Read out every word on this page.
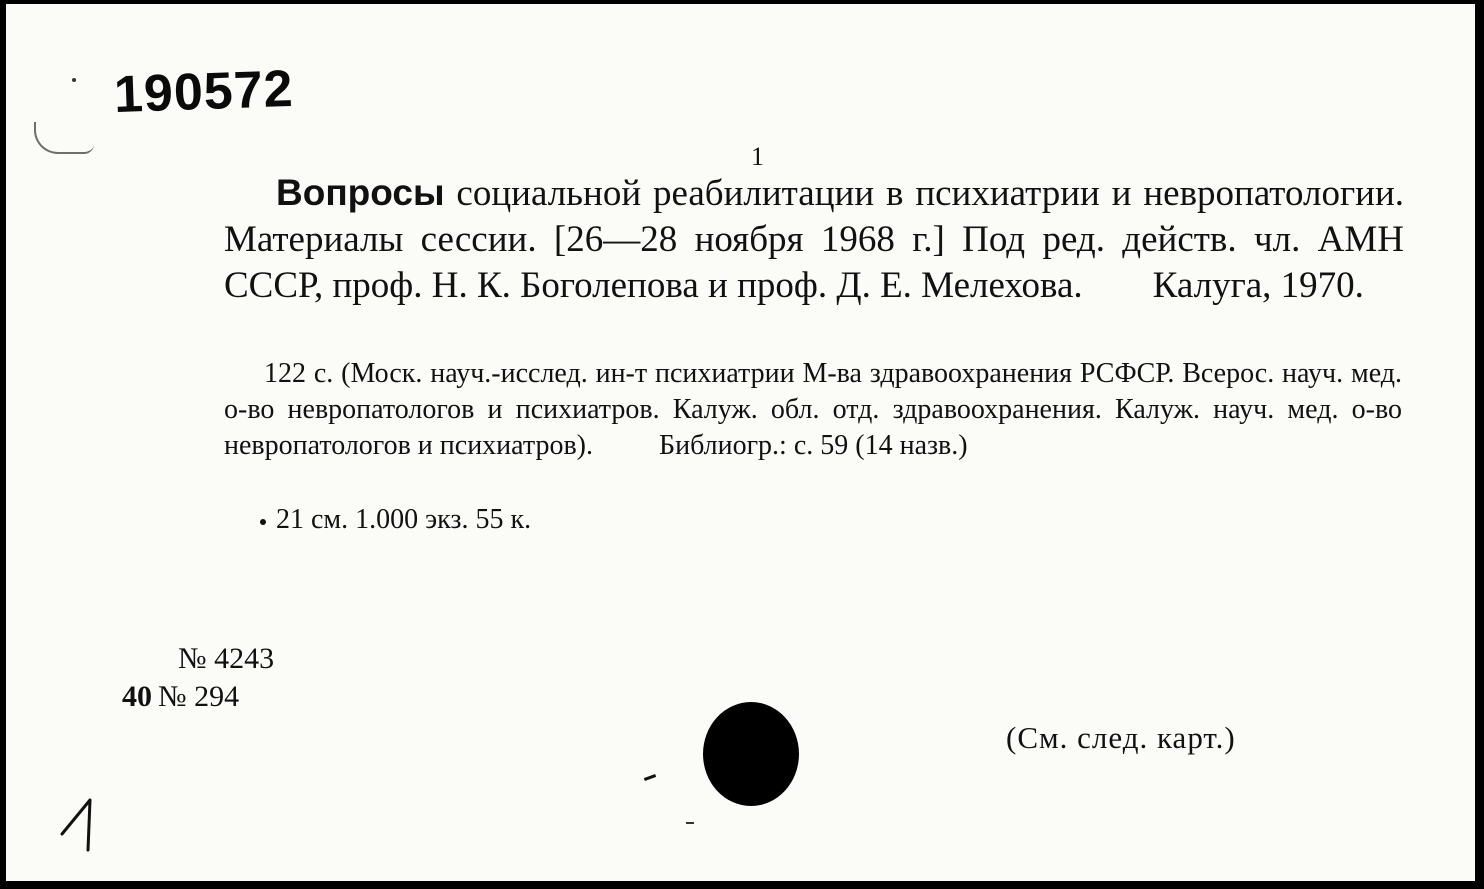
190572
1

Вопросы социальной реабилитации в психиатрии и невропатологии. Материалы сессии. [26—28 ноября 1968 г.] Под ред. действ. чл. АМН СССР, проф. Н. К. Боголепова и проф. Д. Е. Мелехова. Калуга, 1970.

122 с. (Моск. науч.-исслед. ин-т психиатрии М-ва здравоохранения РСФСР. Всерос. науч. мед. о-во невропатологов и психиатров. Калуж. обл. отд. здравоохранения. Калуж. науч. мед. о-во невропатологов и психиатров). Библиогр.: с. 59 (14 назв.)

21 см. 1.000 экз. 55 к.
№ 4243
40 № 294
(См. след. карт.)
